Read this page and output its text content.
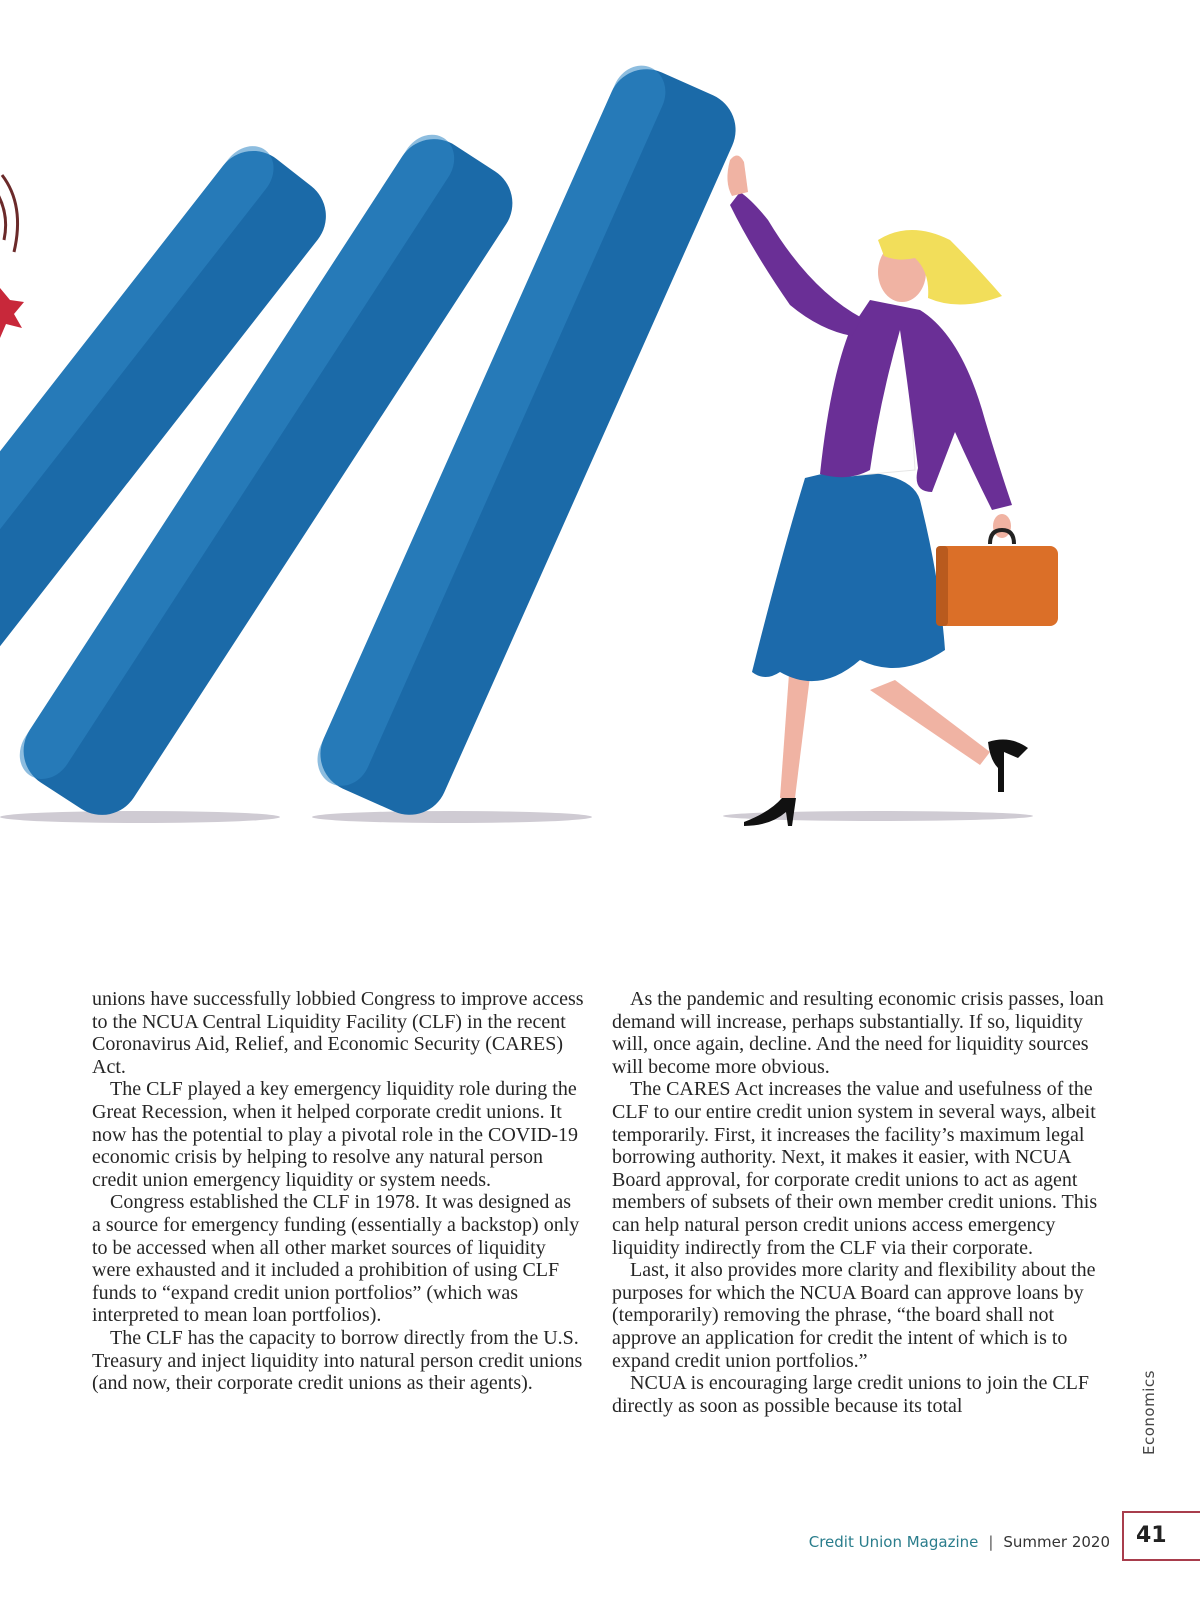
unions have successfully lobbied Congress to improve access to the NCUA Central Liquidity Facility (CLF) in the recent Coronavirus Aid, Relief, and Economic Security (CARES) Act.

The CLF played a key emergency liquidity role during the Great Recession, when it helped corporate credit unions. It now has the potential to play a pivotal role in the COVID-19 economic crisis by helping to resolve any natural person credit union emergency liquidity or system needs.

Congress established the CLF in 1978. It was designed as a source for emergency funding (essentially a backstop) only to be accessed when all other market sources of liquidity were exhausted and it included a prohibition of using CLF funds to “expand credit union portfolios” (which was interpreted to mean loan portfolios).

The CLF has the capacity to borrow directly from the U.S. Treasury and inject liquidity into natural person credit unions (and now, their corporate credit unions as their agents).

As the pandemic and resulting economic crisis passes, loan demand will increase, perhaps substantially. If so, liquidity will, once again, decline. And the need for liquidity sources will become more obvious.

The CARES Act increases the value and usefulness of the CLF to our entire credit union system in several ways, albeit temporarily. First, it increases the facility’s maximum legal borrowing authority. Next, it makes it easier, with NCUA Board approval, for corporate credit unions to act as agent members of subsets of their own member credit unions. This can help natural person credit unions access emergency liquidity indirectly from the CLF via their corporate.

Last, it also provides more clarity and flexibility about the purposes for which the NCUA Board can approve loans by (temporarily) removing the phrase, “the board shall not approve an application for credit the intent of which is to expand credit union portfolios.”

NCUA is encouraging large credit unions to join the CLF directly as soon as possible because its total	Economics
Credit Union Magazine | Summer 2020	41
